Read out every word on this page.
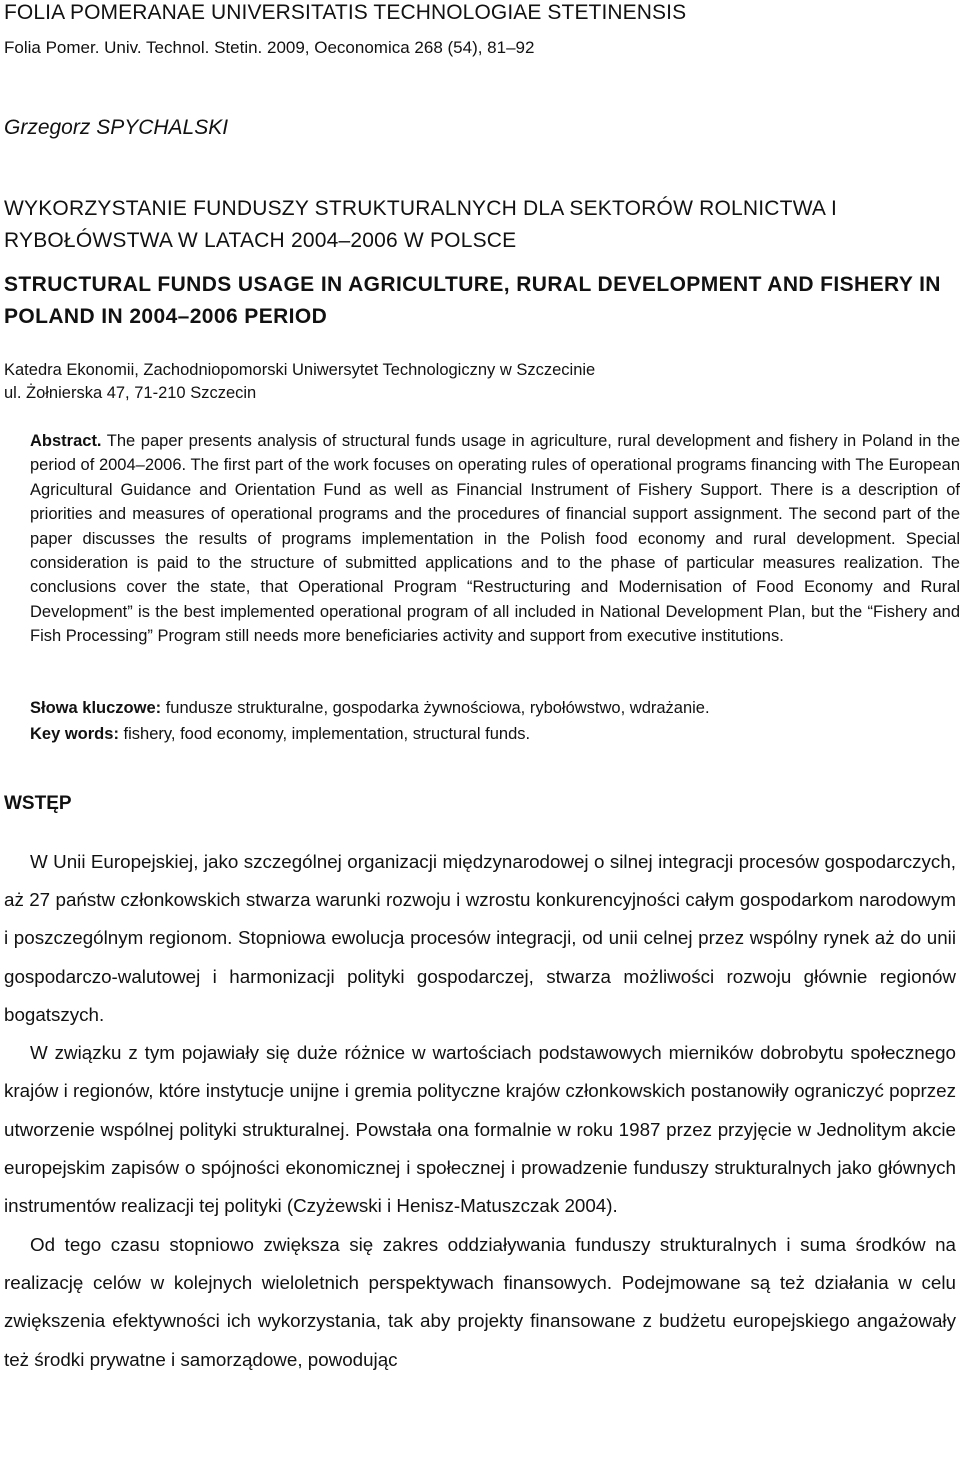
FOLIA POMERANAE UNIVERSITATIS TECHNOLOGIAE STETINENSIS
Folia Pomer. Univ. Technol. Stetin. 2009, Oeconomica 268 (54), 81–92
Grzegorz SPYCHALSKI
WYKORZYSTANIE FUNDUSZY STRUKTURALNYCH DLA SEKTORÓW ROLNICTWA I RYBOŁÓWSTWA W LATACH 2004–2006 W POLSCE
STRUCTURAL FUNDS USAGE IN AGRICULTURE, RURAL DEVELOPMENT AND FISHERY IN POLAND IN 2004–2006 PERIOD
Katedra Ekonomii, Zachodniopomorski Uniwersytet Technologiczny w Szczecinie
ul. Żołnierska 47, 71-210 Szczecin
Abstract. The paper presents analysis of structural funds usage in agriculture, rural development and fishery in Poland in the period of 2004–2006. The first part of the work focuses on operating rules of operational programs financing with The European Agricultural Guidance and Orientation Fund as well as Financial Instrument of Fishery Support. There is a description of priorities and measures of operational programs and the procedures of financial support assignment. The second part of the paper discusses the results of programs implementation in the Polish food economy and rural development. Special consideration is paid to the structure of submitted applications and to the phase of particular measures realization. The conclusions cover the state, that Operational Program “Restructuring and Modernisation of Food Economy and Rural Development” is the best implemented operational program of all included in National Development Plan, but the “Fishery and Fish Processing” Program still needs more beneficiaries activity and support from executive institutions.
Słowa kluczowe: fundusze strukturalne, gospodarka żywnościowa, rybołówstwo, wdrażanie.
Key words: fishery, food economy, implementation, structural funds.
WSTĘP

W Unii Europejskiej, jako szczególnej organizacji międzynarodowej o silnej integracji procesów gospodarczych, aż 27 państw członkowskich stwarza warunki rozwoju i wzrostu konkurencyjności całym gospodarkom narodowym i poszczególnym regionom. Stopniowa ewolucja procesów integracji, od unii celnej przez wspólny rynek aż do unii gospodarczo-walutowej i harmonizacji polityki gospodarczej, stwarza możliwości rozwoju głównie regionów bogatszych.

W związku z tym pojawiały się duże różnice w wartościach podstawowych mierników dobrobytu społecznego krajów i regionów, które instytucje unijne i gremia polityczne krajów członkowskich postanowiły ograniczyć poprzez utworzenie wspólnej polityki strukturalnej. Powstała ona formalnie w roku 1987 przez przyjęcie w Jednolitym akcie europejskim zapisów o spójności ekonomicznej i społecznej i prowadzenie funduszy strukturalnych jako głównych instrumentów realizacji tej polityki (Czyżewski i Henisz-Matuszczak 2004).

Od tego czasu stopniowo zwiększa się zakres oddziaływania funduszy strukturalnych i suma środków na realizację celów w kolejnych wieloletnich perspektywach finansowych. Podejmowane są też działania w celu zwiększenia efektywności ich wykorzystania, tak aby projekty finansowane z budżetu europejskiego angażowały też środki prywatne i samorządowe, powodując
